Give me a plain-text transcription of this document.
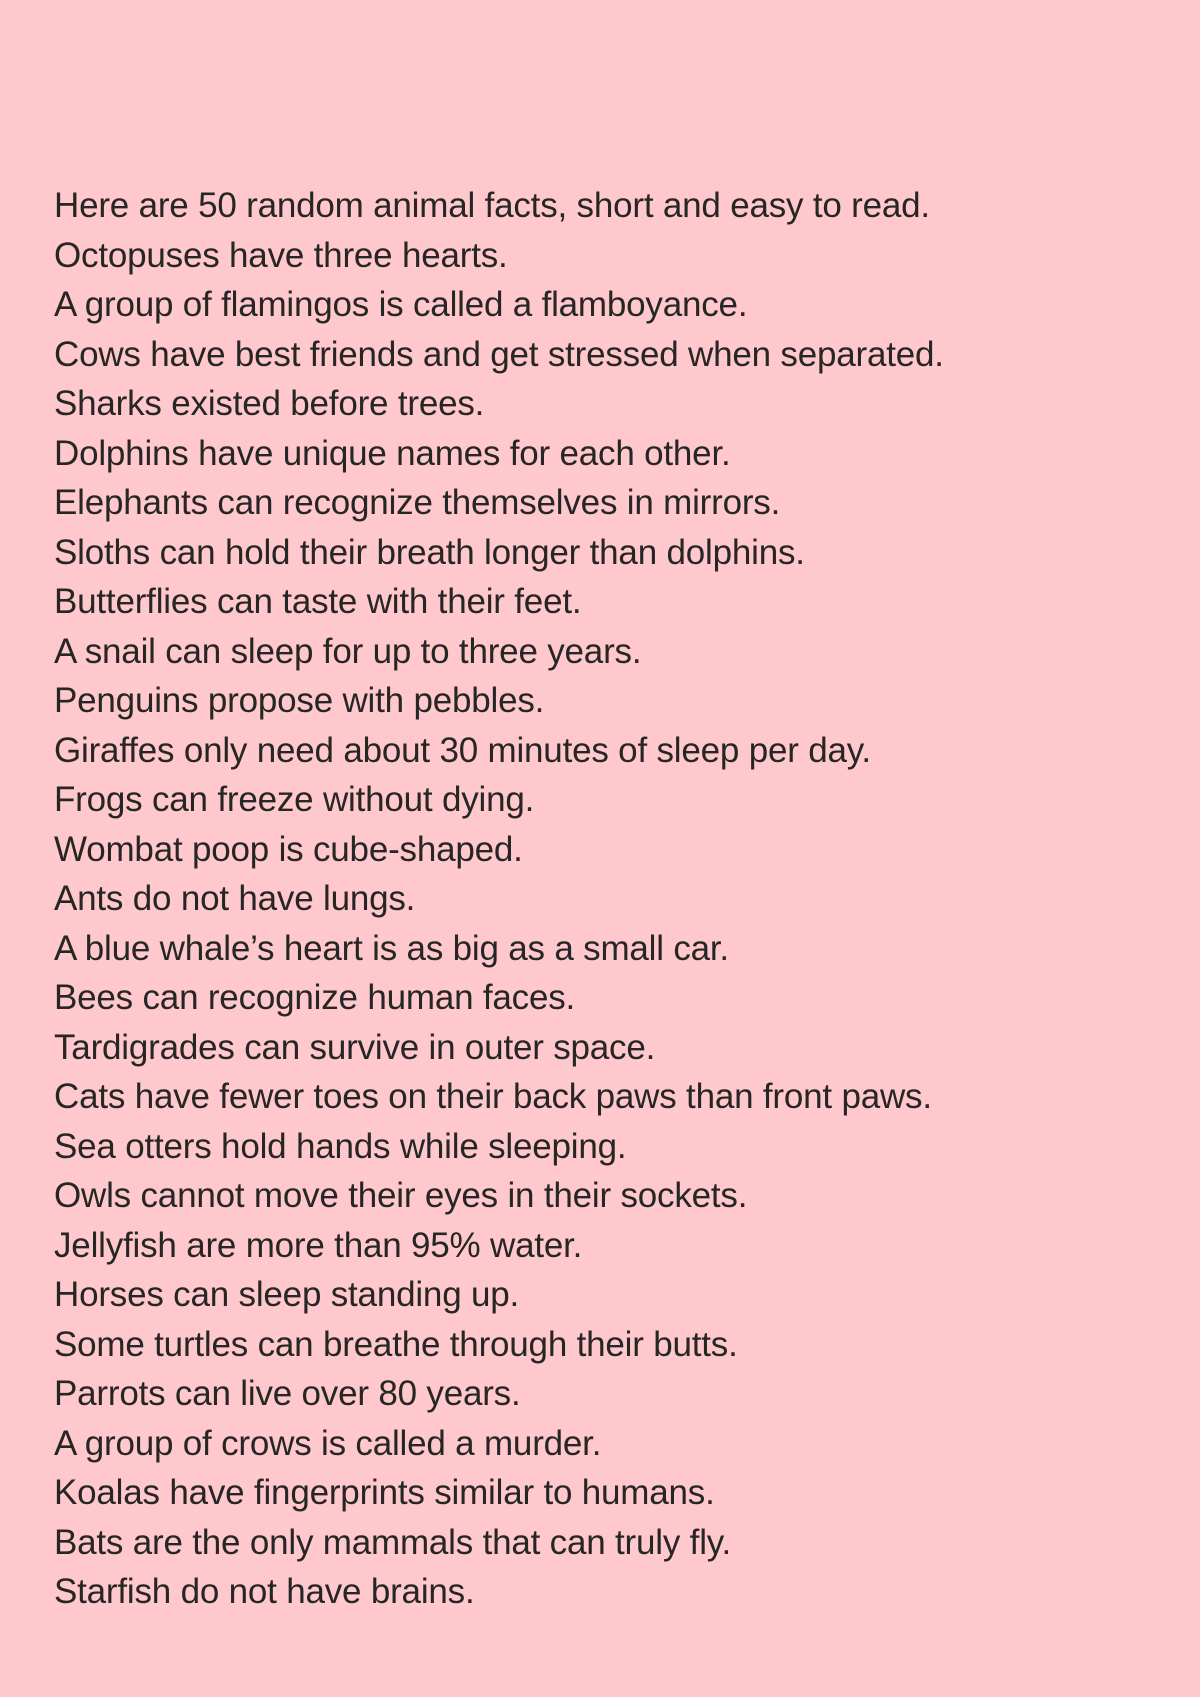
Here are 50 random animal facts, short and easy to read.
Octopuses have three hearts.
A group of flamingos is called a flamboyance.
Cows have best friends and get stressed when separated.
Sharks existed before trees.
Dolphins have unique names for each other.
Elephants can recognize themselves in mirrors.
Sloths can hold their breath longer than dolphins.
Butterflies can taste with their feet.
A snail can sleep for up to three years.
Penguins propose with pebbles.
Giraffes only need about 30 minutes of sleep per day.
Frogs can freeze without dying.
Wombat poop is cube-shaped.
Ants do not have lungs.
A blue whale’s heart is as big as a small car.
Bees can recognize human faces.
Tardigrades can survive in outer space.
Cats have fewer toes on their back paws than front paws.
Sea otters hold hands while sleeping.
Owls cannot move their eyes in their sockets.
Jellyfish are more than 95% water.
Horses can sleep standing up.
Some turtles can breathe through their butts.
Parrots can live over 80 years.
A group of crows is called a murder.
Koalas have fingerprints similar to humans.
Bats are the only mammals that can truly fly.
Starfish do not have brains.
